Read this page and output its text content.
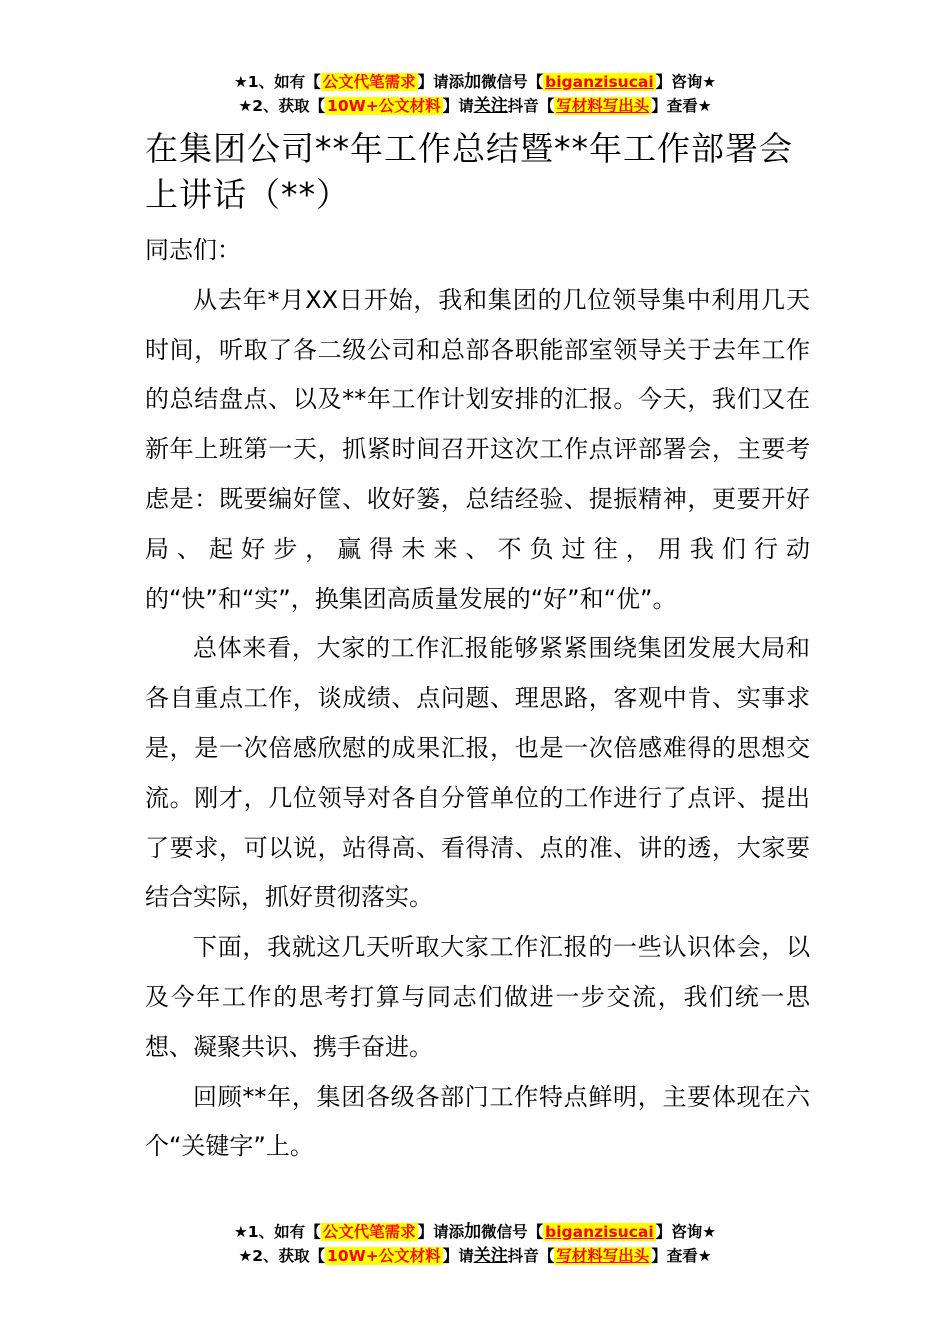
★1、如有【 公文代笔需求 】请添加微信号【 biganzisucai 】咨询★
★2、获取【 10W+公文材料 】请关注抖音【 写材料写出头 】查看★
在集团公司**年工作总结暨**年工作部署会上讲话（**）

同志们：

从去年*月XX日开始，我和集团的几位领导集中利用几天时间，听取了各二级公司和总部各职能部室领导关于去年工作的总结盘点、以及**年工作计划安排的汇报。今天，我们又在新年上班第一天，抓紧时间召开这次工作点评部署会，主要考虑是：既要编好筐、收好篓，总结经验、提振精神，更要开好局、起好步，赢得未来、不负过往，用我们行动的“快”和“实”，换集团高质量发展的“好”和“优”。

总体来看，大家的工作汇报能够紧紧围绕集团发展大局和各自重点工作，谈成绩、点问题、理思路，客观中肯、实事求是，是一次倍感欣慰的成果汇报，也是一次倍感难得的思想交流。刚才，几位领导对各自分管单位的工作进行了点评、提出了要求，可以说，站得高、看得清、点的准、讲的透，大家要结合实际，抓好贯彻落实。

下面，我就这几天听取大家工作汇报的一些认识体会，以及今年工作的思考打算与同志们做进一步交流，我们统一思想、凝聚共识、携手奋进。

回顾**年，集团各级各部门工作特点鲜明，主要体现在六个“关键字”上。

★1、如有【 公文代笔需求 】请添加微信号【 biganzisucai 】咨询★
★2、获取【 10W+公文材料 】请关注抖音【 写材料写出头 】查看★
